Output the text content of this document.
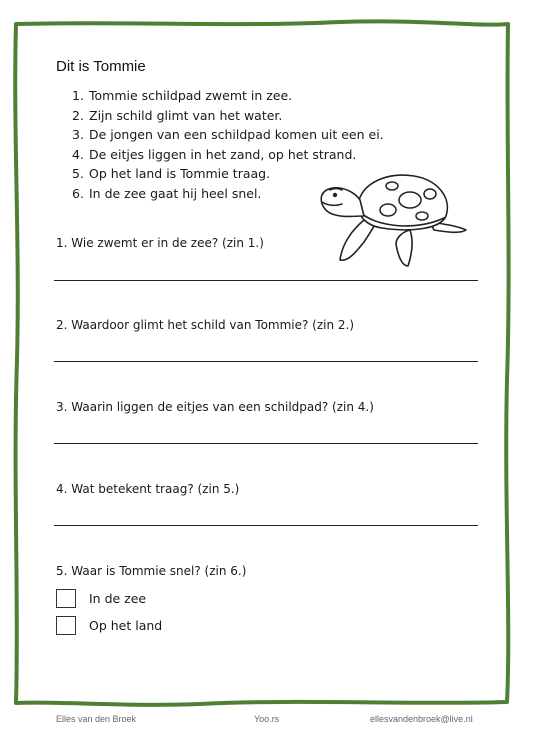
Dit is Tommie
1. Tommie schildpad zwemt in zee.
2. Zijn schild glimt van het water.
3. De jongen van een schildpad komen uit een ei.
4. De eitjes liggen in het zand, op het strand.
5. Op het land is Tommie traag.
6. In de zee gaat hij heel snel.
1. Wie zwemt er in de zee? (zin 1.)
2. Waardoor glimt het schild van Tommie? (zin 2.)
3. Waarin liggen de eitjes van een schildpad? (zin 4.)
4. Wat betekent traag? (zin 5.)
5. Waar is Tommie snel? (zin 6.)
In de zee
Op het land
Elles van den Broek	Yoo.rs	ellesvandenbroek@live.nl
